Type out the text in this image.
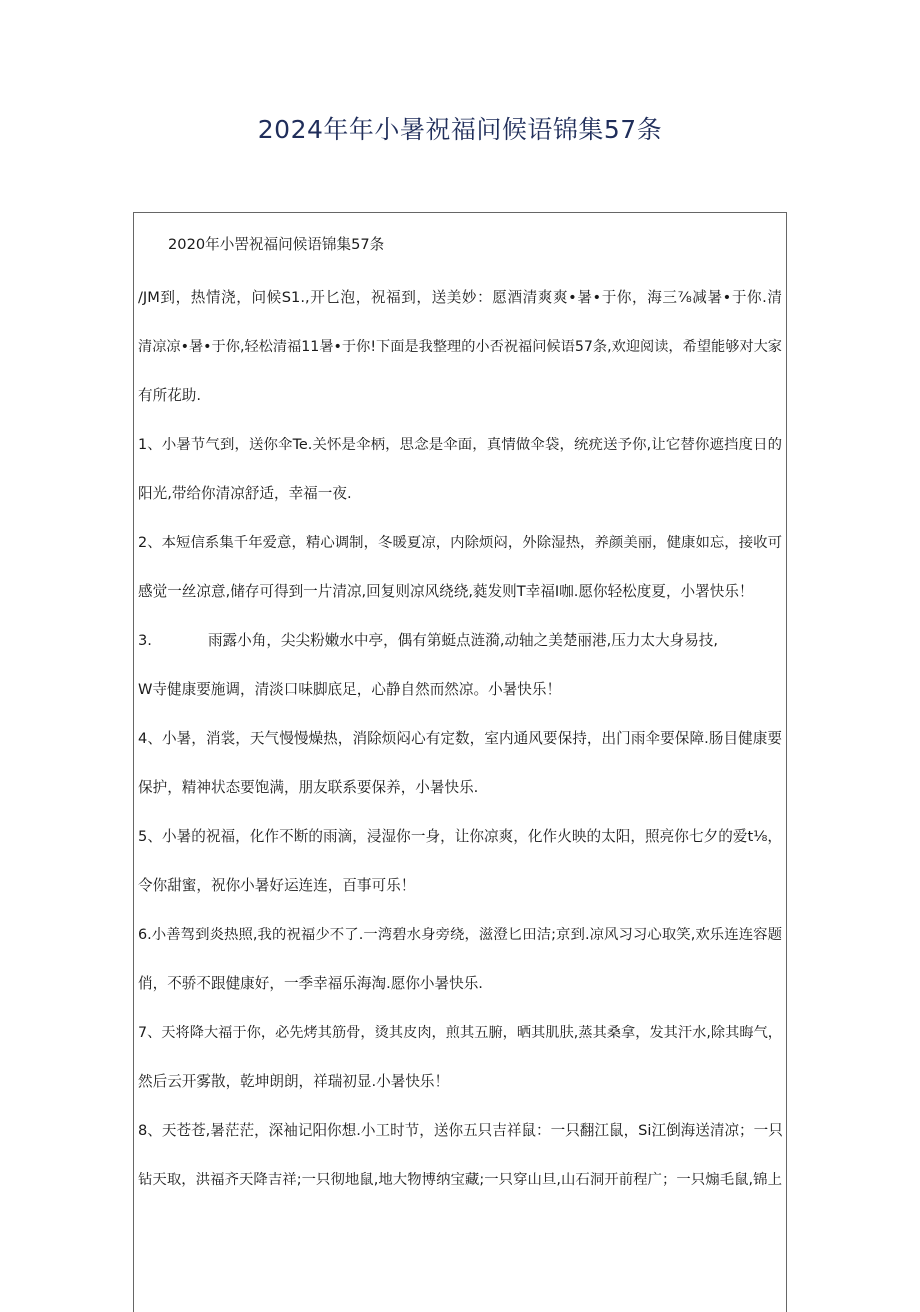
2024年年小暑祝福问候语锦集57条
2020年小罟祝福问候语锦集57条
/JM到，热情浇，问候S1.,开匕泡，祝福到，送美妙：愿酒清爽爽•暑•于你，海三⅞减暑•于你.清
清凉凉•暑•于你,轻松清福11暑•于你!下面是我整理的小否祝福问候语57条,欢迎阅读，希望能够对大家
有所花助.
1、小暑节气到，送你伞Te.关怀是伞柄，思念是伞面，真情做伞袋，统疣送予你,让它替你遮挡度日的
阳光,带给你清凉舒适，幸福一夜.
2、本短信系集千年爱意，精心调制，冬暖夏凉，内除烦闷，外除湿热，养颜美丽，健康如忘，接收可
感觉一丝凉意,储存可得到一片清凉,回复则凉风绕绕,蕤发则T幸福I咖.愿你轻松度夏，小署快乐！
3.	雨露小角，尖尖粉嫩水中亭，偶有第蜓点涟漪,动轴之美楚丽港,压力太大身易技,
W寺健康要施调，清淡口味脚底足，心静自然而然凉。小暑快乐！
4、小暑，消裳，天气慢慢燥热，消除烦闷心有定数，室内通风要保持，出门雨伞要保障.肠目健康要
保护，精神状态要饱满，朋友联系要保养，小暑快乐.
5、小暑的祝福，化作不断的雨滴，浸湿你一身，让你凉爽，化作火映的太阳，照亮你七夕的爱t⅛，
令你甜蜜，祝你小暑好运连连，百事可乐！
6.小善驾到炎热照,我的祝福少不了.一湾碧水身旁绕，滋澄匕田洁;京到.凉风习习心取笑,欢乐连连容题
俏，不骄不跟健康好，一季幸福乐海淘.愿你小暑快乐.
7、天将降大福于你，必先烤其筋骨，烫其皮肉，煎其五腑，晒其肌肤,蒸其桑拿，发其汗水,除其晦气，
然后云开雾散，乾坤朗朗，祥瑞初显.小暑快乐！
8、天苍苍,暑茫茫，深袖记阳你想.小工时节，送你五只吉祥鼠：一只翻江鼠，Si江倒海送清凉；一只
钻天取，洪福齐天降吉祥;一只彻地鼠,地大物博纳宝藏;一只穿山旦,山石洞开前程广；一只煽毛鼠,锦上
